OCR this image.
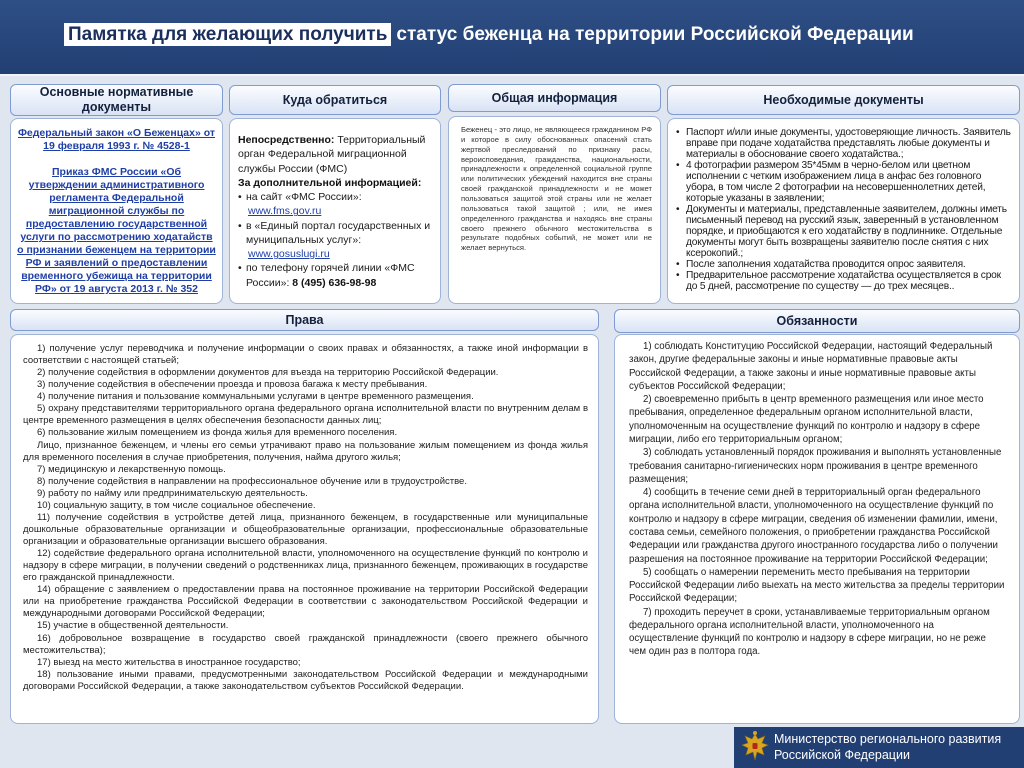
Памятка для желающих получить статус беженца на территории Российской Федерации
Основные нормативные документы
Куда обратиться	Общая информация	Необходимые документы
Федеральный закон «О Беженцах» от 19 февраля 1993 г. № 4528-1
Приказ ФМС России «Об утверждении административного регламента Федеральной миграционной службы по предоставлению государственной услуги по рассмотрению ходатайств о признании беженцем на территории РФ и заявлений о предоставлении временного убежища на территории РФ» от 19 августа 2013 г. № 352
Непосредственно: Территориальный орган Федеральной миграционной службы России (ФМС)
За дополнительной информацией:
• на сайт «ФМС России»:
www.fms.gov.ru
• в «Единый портал государственных и муниципальных услуг»:
www.gosuslugi.ru
• по телефону горячей линии «ФМС России»: 8 (495) 636-98-98
Беженец - это лицо, не являющееся гражданином РФ и которое в силу обоснованных опасений стать жертвой преследований по признаку расы, вероисповедания, гражданства, национальности, принадлежности к определенной социальной группе или политических убеждений находится вне страны своей гражданской принадлежности и не может пользоваться защитой этой страны или не желает пользоваться такой защитой ; или, не имея определенного гражданства и находясь вне страны своего прежнего обычного местожительства в результате подобных событий, не может или не желает вернуться.
• Паспорт и/или иные документы, удостоверяющие личность. Заявитель вправе при подаче ходатайства представлять любые документы и материалы в обоснование своего ходатайства.;
• 4 фотографии размером 35*45мм в черно-белом или цветном исполнении с четким изображением лица в анфас без головного убора, в том числе 2 фотографии на несовершеннолетних детей, которые указаны в заявлении;
• Документы и материалы, представленные заявителем, должны иметь письменный перевод на русский язык, заверенный в установленном порядке, и приобщаются к его ходатайству в подлиннике. Отдельные документы могут быть возвращены заявителю после снятия с них ксерокопий.;
• После заполнения ходатайства проводится опрос заявителя.
• Предварительное рассмотрение ходатайства осуществляется в срок до 5 дней, рассмотрение по существу — до трех месяцев..
Права	Обязанности
1) получение услуг переводчика и получение информации о своих правах и обязанностях, а также иной информации в соответствии с настоящей статьей;
2) получение содействия в оформлении документов для въезда на территорию Российской Федерации.
3) получение содействия в обеспечении проезда и провоза багажа к месту пребывания.
4) получение питания и пользование коммунальными услугами в центре временного размещения.
5) охрану представителями территориального органа федерального органа исполнительной власти по внутренним делам в центре временного размещения в целях обеспечения безопасности данных лиц;
6) пользование жилым помещением из фонда жилья для временного поселения.
Лицо, признанное беженцем, и члены его семьи утрачивают право на пользование жилым помещением из фонда жилья для временного поселения в случае приобретения, получения, найма другого жилья;
7) медицинскую и лекарственную помощь.
8) получение содействия в направлении на профессиональное обучение или в трудоустройстве.
9) работу по найму или предпринимательскую деятельность.
10) социальную защиту, в том числе социальное обеспечение.
11) получение содействия в устройстве детей лица, признанного беженцем, в государственные или муниципальные дошкольные образовательные организации и общеобразовательные организации, профессиональные образовательные организации и образовательные организации высшего образования.
12) содействие федерального органа исполнительной власти, уполномоченного на осуществление функций по контролю и надзору в сфере миграции, в получении сведений о родственниках лица, признанного беженцем, проживающих в государстве его гражданской принадлежности.
14) обращение с заявлением о предоставлении права на постоянное проживание на территории Российской Федерации или на приобретение гражданства Российской Федерации в соответствии с законодательством Российской Федерации и международными договорами Российской Федерации;
15) участие в общественной деятельности.
16) добровольное возвращение в государство своей гражданской принадлежности (своего прежнего обычного местожительства);
17) выезд на место жительства в иностранное государство;
18) пользование иными правами, предусмотренными законодательством Российской Федерации и международными договорами Российской Федерации, а также законодательством субъектов Российской Федерации.
1) соблюдать Конституцию Российской Федерации, настоящий Федеральный закон, другие федеральные законы и иные нормативные правовые акты Российской Федерации, а также законы и иные нормативные правовые акты субъектов Российской Федерации;
2) своевременно прибыть в центр временного размещения или иное место пребывания, определенное федеральным органом исполнительной власти, уполномоченным на осуществление функций по контролю и надзору в сфере миграции, либо его территориальным органом;
3) соблюдать установленный порядок проживания и выполнять установленные требования санитарно-гигиенических норм проживания в центре временного размещения;
4) сообщить в течение семи дней в территориальный орган федерального органа исполнительной власти, уполномоченного на осуществление функций по контролю и надзору в сфере миграции, сведения об изменении фамилии, имени, состава семьи, семейного положения, о приобретении гражданства Российской Федерации или гражданства другого иностранного государства либо о получении разрешения на постоянное проживание на территории Российской Федерации;
5) сообщать о намерении переменить место пребывания на территории Российской Федерации либо выехать на место жительства за пределы территории Российской Федерации;
7) проходить переучет в сроки, устанавливаемые территориальным органом федерального органа исполнительной власти, уполномоченного на осуществление функций по контролю и надзору в сфере миграции, но не реже чем один раз в полтора года.
Министерство регионального развития
Российской Федерации
